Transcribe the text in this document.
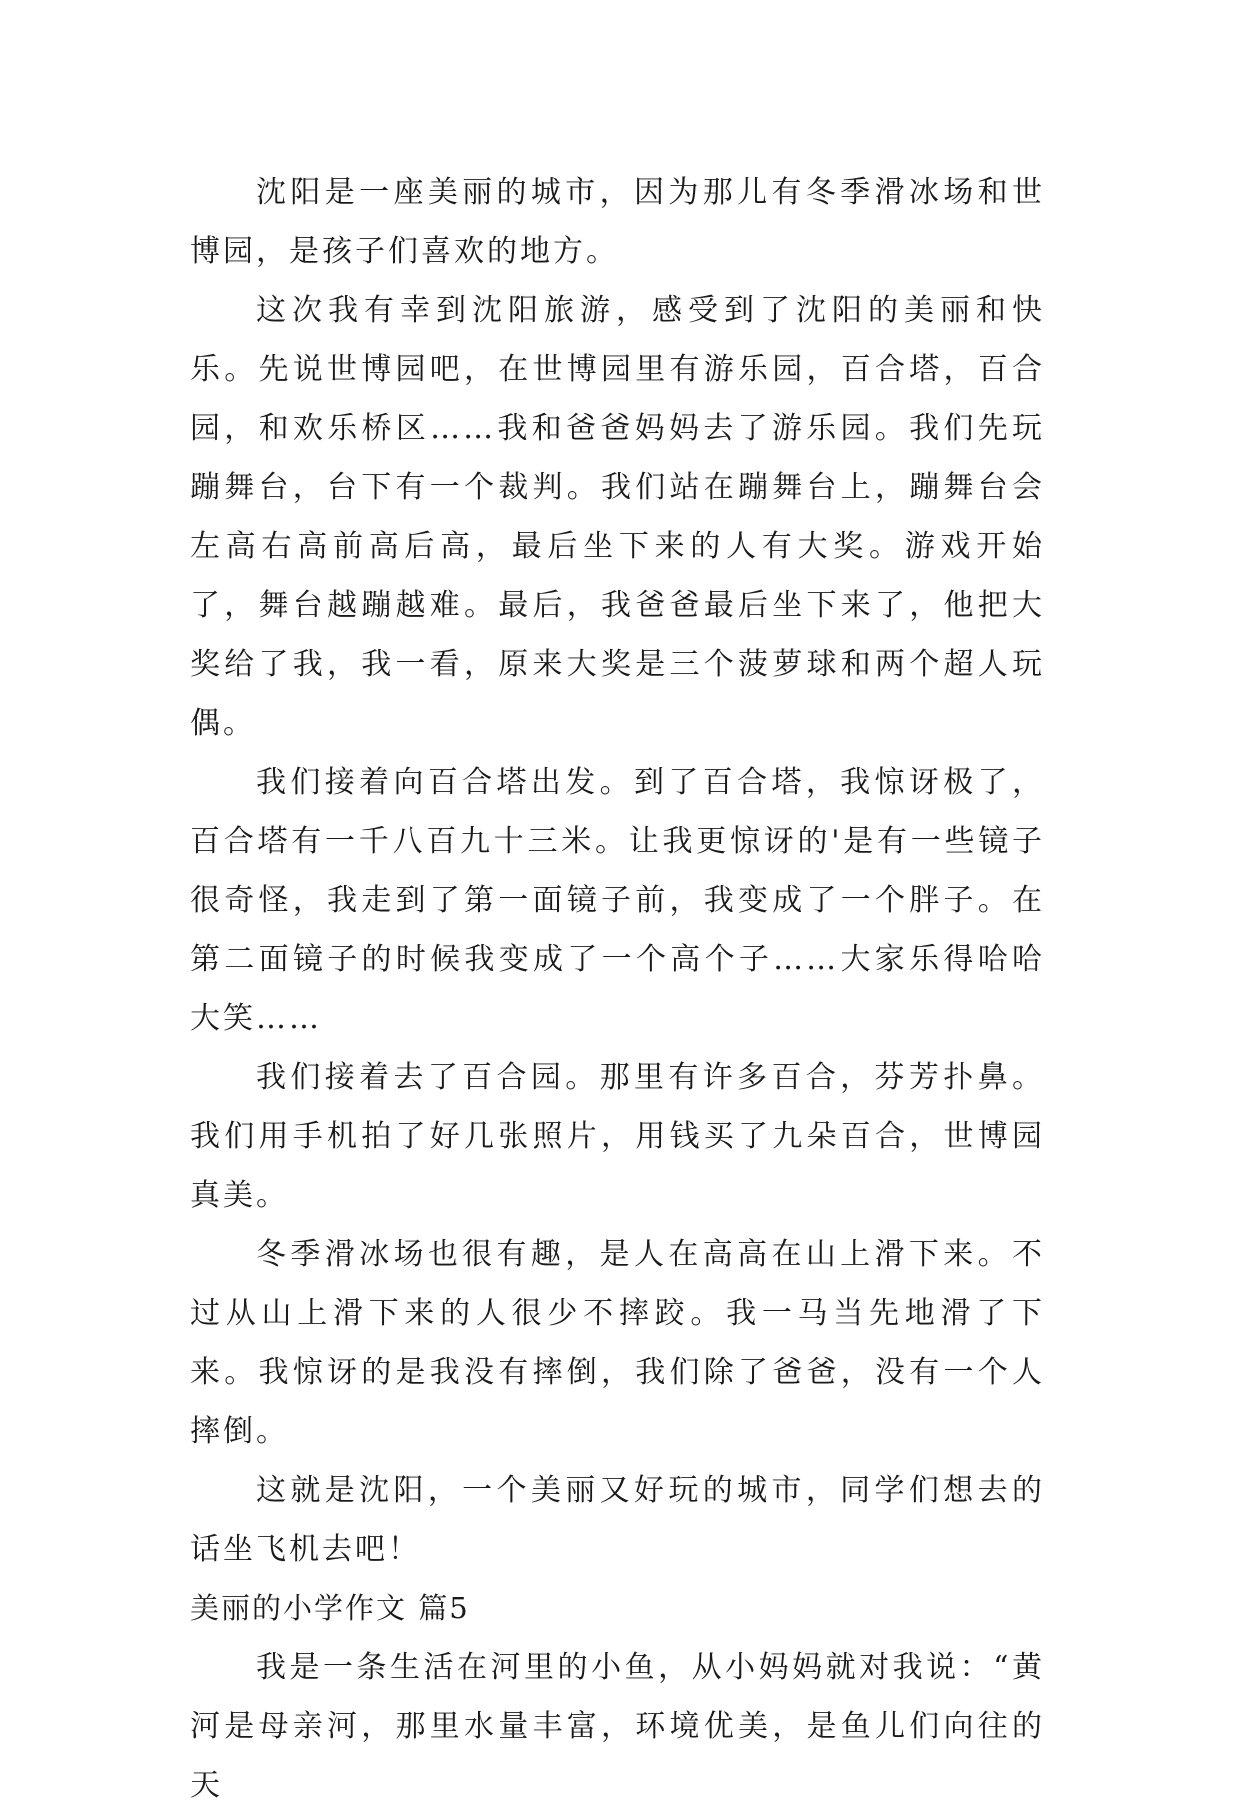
沈阳是一座美丽的城市，因为那儿有冬季滑冰场和世博园，是孩子们喜欢的地方。

这次我有幸到沈阳旅游，感受到了沈阳的美丽和快乐。先说世博园吧，在世博园里有游乐园，百合塔，百合园，和欢乐桥区……我和爸爸妈妈去了游乐园。我们先玩蹦舞台，台下有一个裁判。我们站在蹦舞台上，蹦舞台会左高右高前高后高，最后坐下来的人有大奖。游戏开始了，舞台越蹦越难。最后，我爸爸最后坐下来了，他把大奖给了我，我一看，原来大奖是三个菠萝球和两个超人玩偶。

我们接着向百合塔出发。到了百合塔，我惊讶极了，百合塔有一千八百九十三米。让我更惊讶的'是有一些镜子很奇怪，我走到了第一面镜子前，我变成了一个胖子。在第二面镜子的时候我变成了一个高个子……大家乐得哈哈大笑……

我们接着去了百合园。那里有许多百合，芬芳扑鼻。我们用手机拍了好几张照片，用钱买了九朵百合，世博园真美。

冬季滑冰场也很有趣，是人在高高在山上滑下来。不过从山上滑下来的人很少不摔跤。我一马当先地滑了下来。我惊讶的是我没有摔倒，我们除了爸爸，没有一个人摔倒。

这就是沈阳，一个美丽又好玩的城市，同学们想去的话坐飞机去吧！

美丽的小学作文 篇5

我是一条生活在河里的小鱼，从小妈妈就对我说：“黄河是母亲河，那里水量丰富，环境优美，是鱼儿们向往的天
